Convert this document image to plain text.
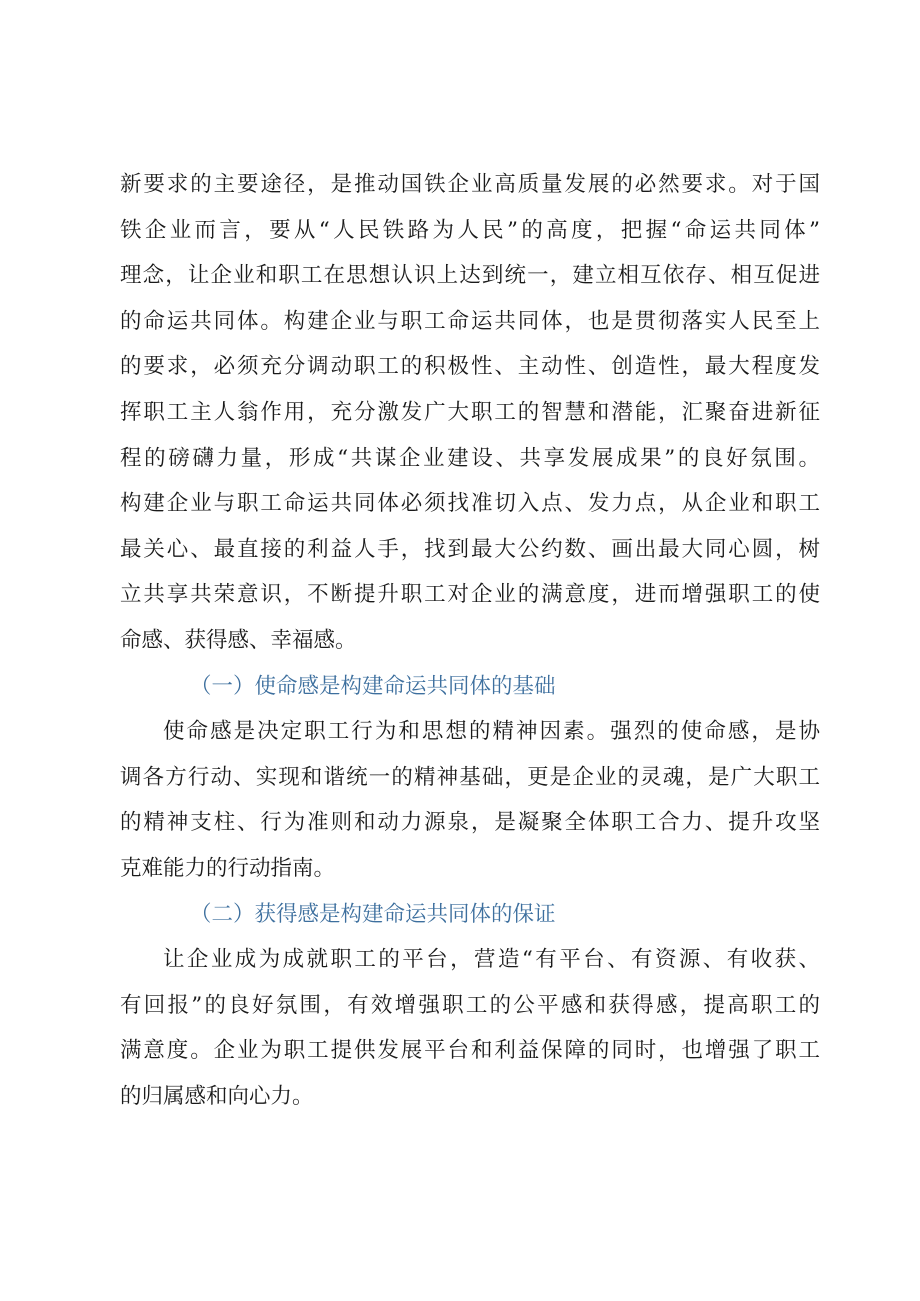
新要求的主要途径，是推动国铁企业高质量发展的必然要求。对于国
铁企业而言，要从“人民铁路为人民”的高度，把握“命运共同体”
理念，让企业和职工在思想认识上达到统一，建立相互依存、相互促进
的命运共同体。构建企业与职工命运共同体，也是贯彻落实人民至上
的要求，必须充分调动职工的积极性、主动性、创造性，最大程度发
挥职工主人翁作用，充分激发广大职工的智慧和潜能，汇聚奋进新征
程的磅礴力量，形成“共谋企业建设、共享发展成果”的良好氛围。
构建企业与职工命运共同体必须找准切入点、发力点，从企业和职工
最关心、最直接的利益人手，找到最大公约数、画出最大同心圆，树
立共享共荣意识，不断提升职工对企业的满意度，进而增强职工的使
命感、获得感、幸福感。
（一）使命感是构建命运共同体的基础
使命感是决定职工行为和思想的精神因素。强烈的使命感，是协
调各方行动、实现和谐统一的精神基础，更是企业的灵魂，是广大职工
的精神支柱、行为准则和动力源泉，是凝聚全体职工合力、提升攻坚
克难能力的行动指南。
（二）获得感是构建命运共同体的保证
让企业成为成就职工的平台，营造“有平台、有资源、有收获、
有回报”的良好氛围，有效增强职工的公平感和获得感，提高职工的
满意度。企业为职工提供发展平台和利益保障的同时，也增强了职工
的归属感和向心力。
